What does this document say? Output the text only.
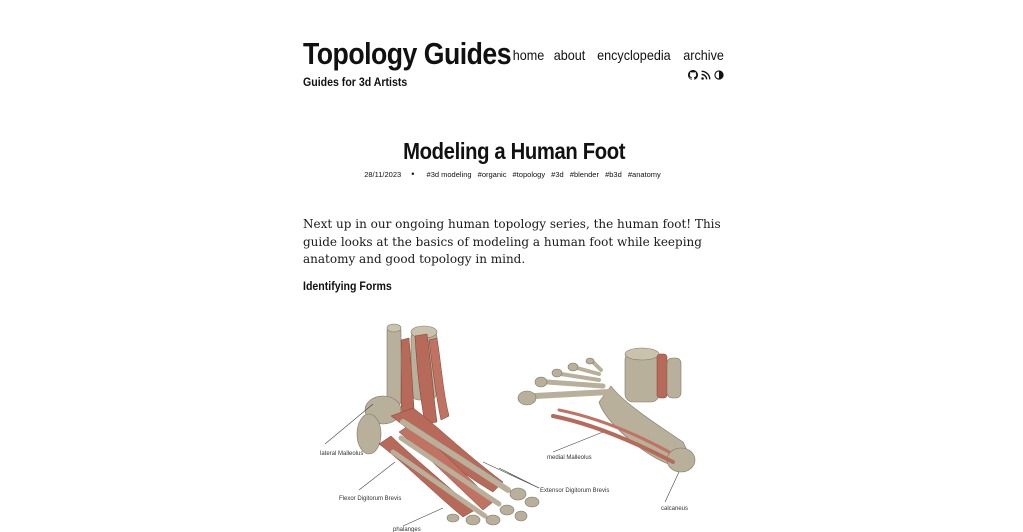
Topology Guides
Guides for 3d Artists
home about encyclopedia archive
Modeling a Human Foot
28/11/2023 • #3d modeling #organic #topology #3d #blender #b3d #anatomy

Next up in our ongoing human topology series, the human foot! This guide looks at the basics of modeling a human foot while keeping anatomy and good topology in mind.

Identifying Forms
lateral Malleolus
Flexor Digitorum Brevis
phalanges
medial Malleolus
Extensor Digitorum Brevis
calcaneus
